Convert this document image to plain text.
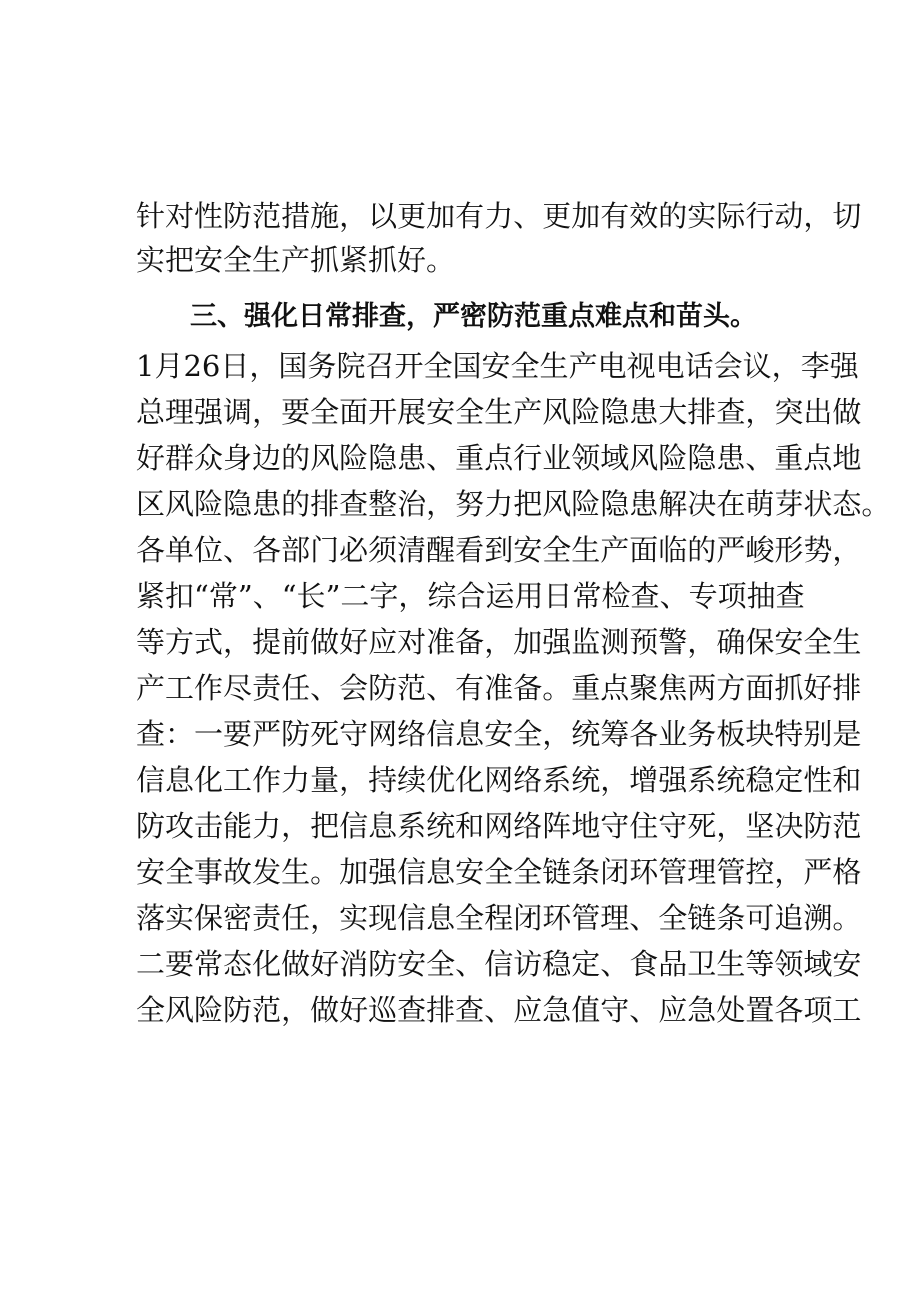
针 对 性 防 范 措 施 ， 以 更 加 有 力 、 更 加 有 效 的 实 际 行 动 ， 切
实把安全生产抓紧抓好。
三、强化日常排查，严密防范重点难点和苗头。
1 月 2 6 日 ， 国 务 院 召 开 全 国 安 全 生 产 电 视 电 话 会 议 ， 李 强
总 理 强 调 ， 要 全 面 开 展 安 全 生 产 风 险 隐 患 大 排 查 ， 突 出 做
好 群 众 身 边 的 风 险 隐 患 、 重 点 行 业 领 域 风 险 隐 患 、 重 点 地
区 风 险 隐 患 的 排 查 整 治 ， 努 力 把 风 险 隐 患 解 决 在 萌 芽 状 态 。
各 单 位 、 各 部 门 必 须 清 醒 看 到 安 全 生 产 面 临 的 严 峻 形 势 ，
紧 扣 “ 常 ” 、 “ 长 ” 二 字 ， 综 合 运 用 日 常 检 查 、 专 项 抽 查
等 方 式 ， 提 前 做 好 应 对 准 备 ， 加 强 监 测 预 警 ， 确 保 安 全 生
产 工 作 尽 责 任 、 会 防 范 、 有 准 备 。 重 点 聚 焦 两 方 面 抓 好 排
查 ： 一 要 严 防 死 守 网 络 信 息 安 全 ， 统 筹 各 业 务 板 块 特 别 是
信 息 化 工 作 力 量 ， 持 续 优 化 网 络 系 统 ， 增 强 系 统 稳 定 性 和
防 攻 击 能 力 ， 把 信 息 系 统 和 网 络 阵 地 守 住 守 死 ， 坚 决 防 范
安 全 事 故 发 生 。 加 强 信 息 安 全 全 链 条 闭 环 管 理 管 控 ， 严 格
落 实 保 密 责 任 ， 实 现 信 息 全 程 闭 环 管 理 、 全 链 条 可 追 溯 。
二 要 常 态 化 做 好 消 防 安 全 、 信 访 稳 定 、 食 品 卫 生 等 领 域 安
全 风 险 防 范 ， 做 好 巡 查 排 查 、 应 急 值 守 、 应 急 处 置 各 项 工
